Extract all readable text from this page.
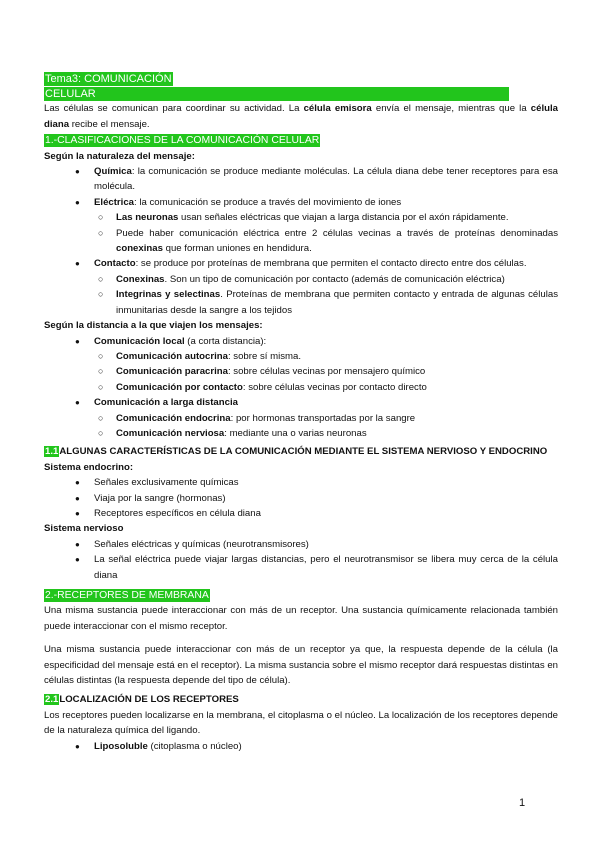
Tema3: COMUNICACIÓN
CELULAR

Las células se comunican para coordinar su actividad. La célula emisora envía el mensaje, mientras que la célula diana recibe el mensaje.

1.-CLASIFICACIONES DE LA COMUNICACIÓN CELULAR

Según la naturaleza del mensaje:

● Química: la comunicación se produce mediante moléculas. La célula diana debe tener receptores para esa molécula.
● Eléctrica: la comunicación se produce a través del movimiento de iones
○ Las neuronas usan señales eléctricas que viajan a larga distancia por el axón rápidamente.
○ Puede haber comunicación eléctrica entre 2 células vecinas a través de proteínas denominadas conexinas que forman uniones en hendidura.
● Contacto: se produce por proteínas de membrana que permiten el contacto directo entre dos células.
○ Conexinas. Son un tipo de comunicación por contacto (además de comunicación eléctrica)
○ Integrinas y selectinas. Proteínas de membrana que permiten contacto y entrada de algunas células inmunitarias desde la sangre a los tejidos

Según la distancia a la que viajen los mensajes:

● Comunicación local (a corta distancia):
○ Comunicación autocrina: sobre sí misma.
○ Comunicación paracrina: sobre células vecinas por mensajero químico
○ Comunicación por contacto: sobre células vecinas por contacto directo
● Comunicación a larga distancia
○ Comunicación endocrina: por hormonas transportadas por la sangre
○ Comunicación nerviosa: mediante una o varias neuronas

1.1ALGUNAS CARACTERÍSTICAS DE LA COMUNICACIÓN MEDIANTE EL SISTEMA NERVIOSO Y ENDOCRINO

Sistema endocrino:

● Señales exclusivamente químicas
● Viaja por la sangre (hormonas)
● Receptores específicos en célula diana

Sistema nervioso

● Señales eléctricas y químicas (neurotransmisores)
● La señal eléctrica puede viajar largas distancias, pero el neurotransmisor se libera muy cerca de la célula diana
2.-RECEPTORES DE MEMBRANA

Una misma sustancia puede interaccionar con más de un receptor. Una sustancia químicamente relacionada también puede interaccionar con el mismo receptor.

Una misma sustancia puede interaccionar con más de un receptor ya que, la respuesta depende de la célula (la especificidad del mensaje está en el receptor). La misma sustancia sobre el mismo receptor dará respuestas distintas en células distintas (la respuesta depende del tipo de célula).

2.1LOCALIZACIÓN DE LOS RECEPTORES

Los receptores pueden localizarse en la membrana, el citoplasma o el núcleo. La localización de los receptores depende de la naturaleza química del ligando.

● Liposoluble (citoplasma o núcleo)
1
